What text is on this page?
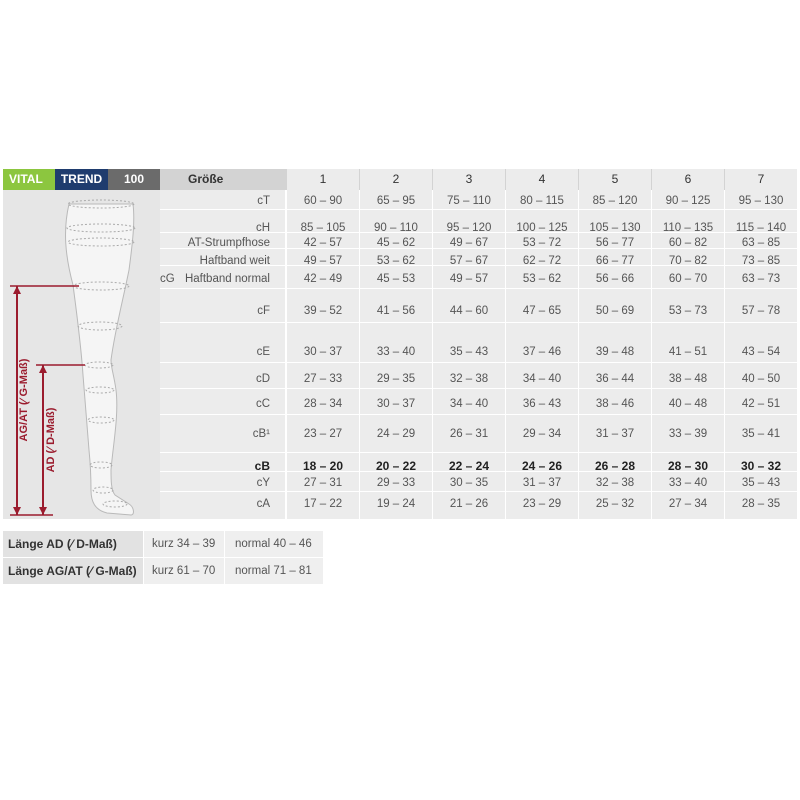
VITAL	TREND	100	Größe	1	2	3	4	5	6	7
AG/AT (⁄ G-Maß) AD (⁄ D-Maß)
cG
cT	60 – 90	65 – 95	75 – 110	80 – 115	85 – 120	90 – 125	95 – 130
cH	85 – 105	90 – 110	95 – 120	100 – 125	105 – 130	110 – 135	115 – 140
AT-Strumpfhose	42 – 57	45 – 62	49 – 67	53 – 72	56 – 77	60 – 82	63 – 85
Haftband weit	49 – 57	53 – 62	57 – 67	62 – 72	66 – 77	70 – 82	73 – 85
Haftband normal	42 – 49	45 – 53	49 – 57	53 – 62	56 – 66	60 – 70	63 – 73
cF	39 – 52	41 – 56	44 – 60	47 – 65	50 – 69	53 – 73	57 – 78
cE	30 – 37	33 – 40	35 – 43	37 – 46	39 – 48	41 – 51	43 – 54
cD	27 – 33	29 – 35	32 – 38	34 – 40	36 – 44	38 – 48	40 – 50
cC	28 – 34	30 – 37	34 – 40	36 – 43	38 – 46	40 – 48	42 – 51
cB¹	23 – 27	24 – 29	26 – 31	29 – 34	31 – 37	33 – 39	35 – 41
cB	18 – 20	20 – 22	22 – 24	24 – 26	26 – 28	28 – 30	30 – 32
cY	27 – 31	29 – 33	30 – 35	31 – 37	32 – 38	33 – 40	35 – 43
cA	17 – 22	19 – 24	21 – 26	23 – 29	25 – 32	27 – 34	28 – 35
Länge AD (⁄ D-Maß)	kurz 34 – 39	normal 40 – 46
Länge AG/AT (⁄ G-Maß)	kurz 61 – 70	normal 71 – 81
